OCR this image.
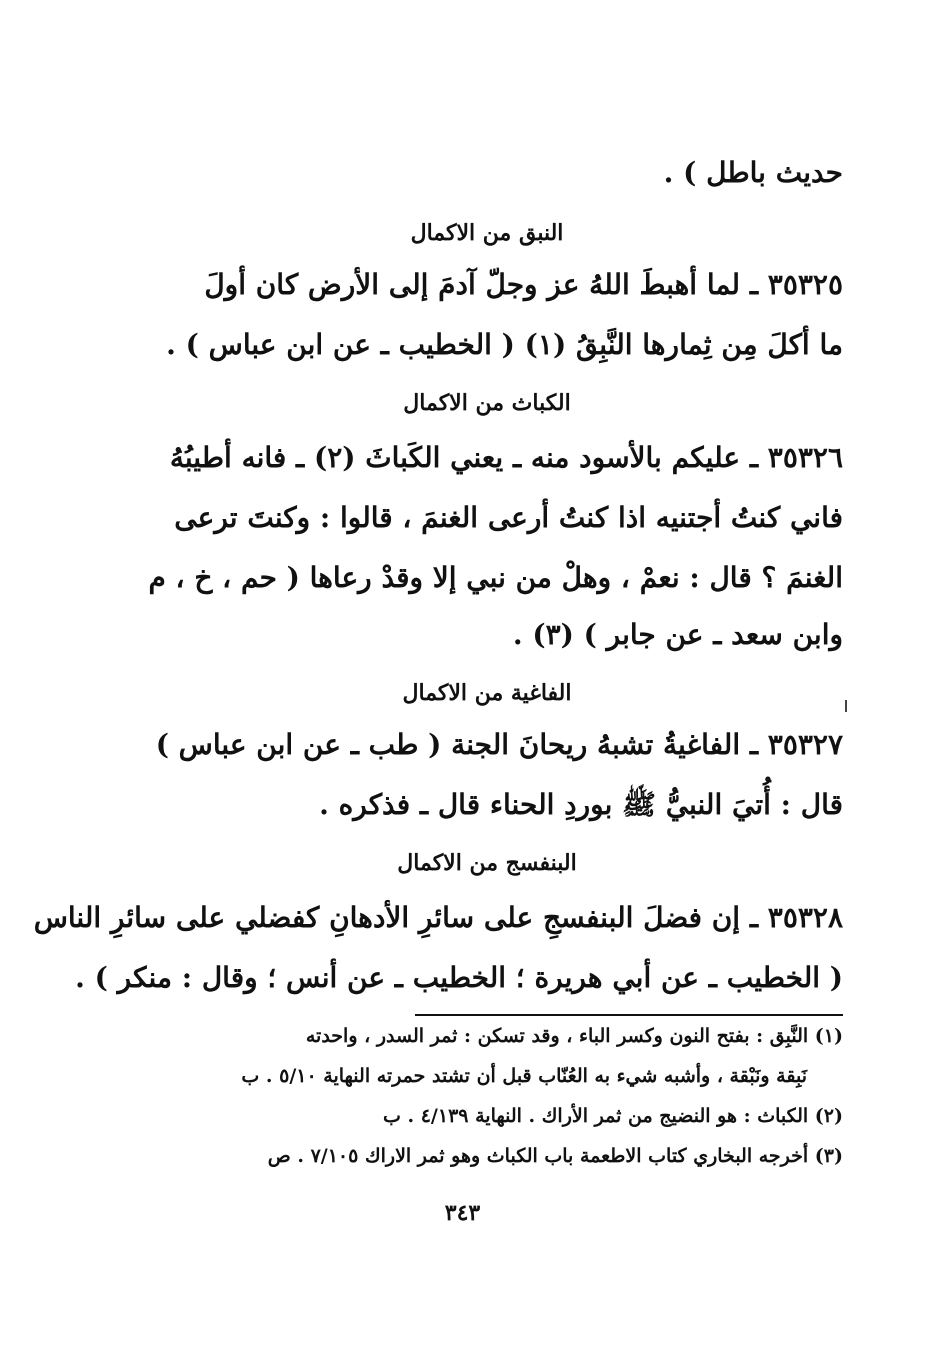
حديث باطل ) .
النبق من الاكمال
٣٥٣٢٥ ـ لما أهبطَ اللهُ عز وجلّ آدمَ إلى الأرض كان أولَ
ما أكلَ مِن ثِمارها النَّبِقُ (١) ( الخطيب ـ عن ابن عباس ) .
الكباث من الاكمال
٣٥٣٢٦ ـ عليكم بالأسود منه ـ يعني الكَباثَ (٢) ـ فانه أطيبُهُ
فاني كنتُ أجتنيه اذا كنتُ أرعى الغنمَ ، قالوا : وكنتَ ترعى
الغنمَ ؟ قال : نعمْ ، وهلْ من نبي إلا وقدْ رعاها ( حم ، خ ، م
وابن سعد ـ عن جابر ) (٣) .
الفاغية من الاكمال
٣٥٣٢٧ ـ الفاغيةُ تشبهُ ريحانَ الجنة ( طب ـ عن ابن عباس )
قال : أُتيَ النبيُّ ﷺ بوردِ الحناء قال ـ فذكره .
البنفسج من الاكمال
٣٥٣٢٨ ـ إن فضلَ البنفسجِ على سائرِ الأدهانِ كفضلي على سائرِ الناس
( الخطيب ـ عن أبي هريرة ؛ الخطيب ـ عن أنس ؛ وقال : منكر ) .
(١) النَّبِق : بفتح النون وكسر الباء ، وقد تسكن : ثمر السدر ، واحدته
نَبِقة ونَبْقة ، وأشبه شيء به العُنّاب قبل أن تشتد حمرته النهاية ٥/١٠ . ب
(٢) الكباث : هو النضيج من ثمر الأراك . النهاية ٤/١٣٩ . ب
(٣) أخرجه البخاري كتاب الاطعمة باب الكباث وهو ثمر الاراك ٧/١٠٥ . ص
٣٤٣
